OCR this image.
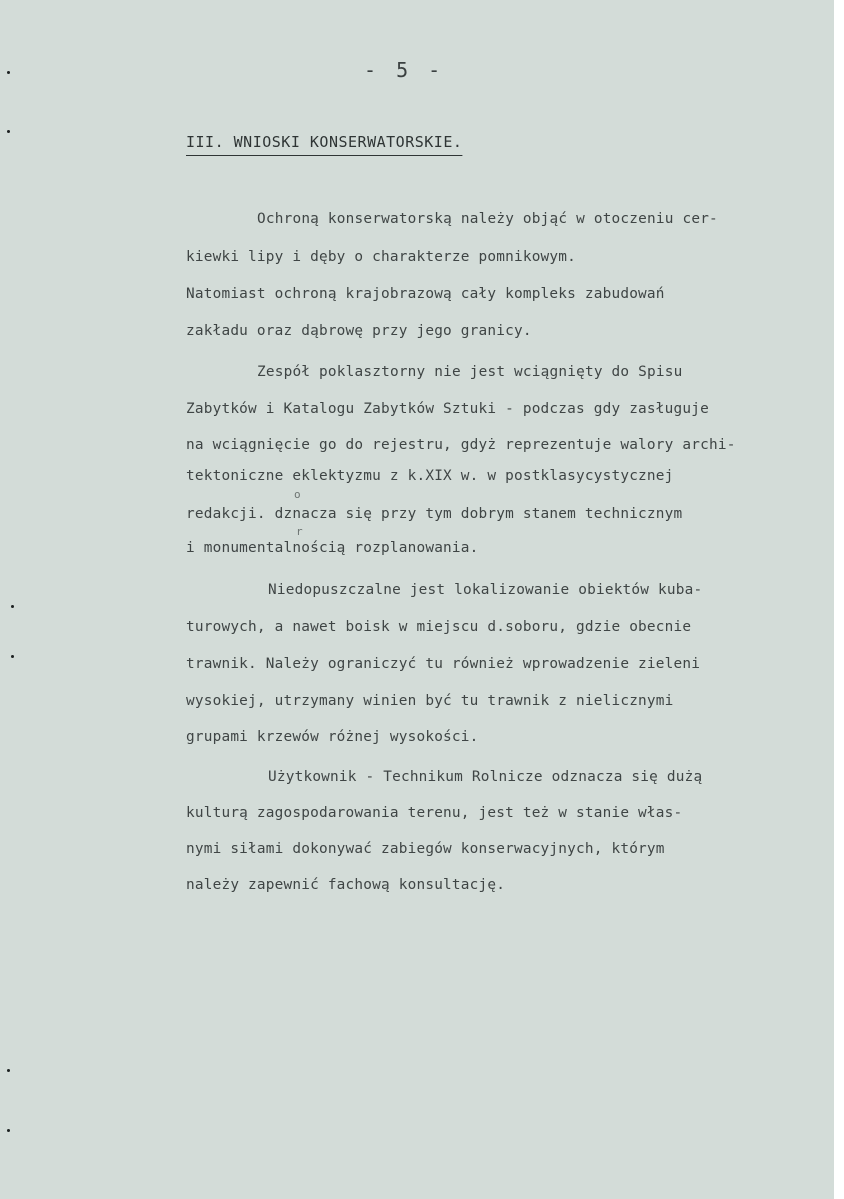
- 5 -
III. WNIOSKI KONSERWATORSKIE.
Ochroną konserwatorską należy objąć w otoczeniu cer-
kiewki lipy i dęby o charakterze pomnikowym.
Natomiast ochroną krajobrazową cały kompleks zabudowań
zakładu oraz dąbrowę przy jego granicy.
Zespół poklasztorny nie jest wciągnięty do Spisu
Zabytków i Katalogu Zabytków Sztuki - podczas gdy zasługuje
na wciągnięcie go do rejestru, gdyż reprezentuje walory archi-
tektoniczne eklektyzmu z k.XIX w. w postklasycystycznej
o
redakcji. dznacza się przy tym dobrym stanem technicznym
r
i monumentalnością rozplanowania.
Niedopuszczalne jest lokalizowanie obiektów kuba-
turowych, a nawet boisk w miejscu d.soboru, gdzie obecnie
trawnik. Należy ograniczyć tu również wprowadzenie zieleni
wysokiej, utrzymany winien być tu trawnik z nielicznymi
grupami krzewów różnej wysokości.
Użytkownik - Technikum Rolnicze odznacza się dużą
kulturą zagospodarowania terenu, jest też w stanie włas-
nymi siłami dokonywać zabiegów konserwacyjnych, którym
należy zapewnić fachową konsultację.
